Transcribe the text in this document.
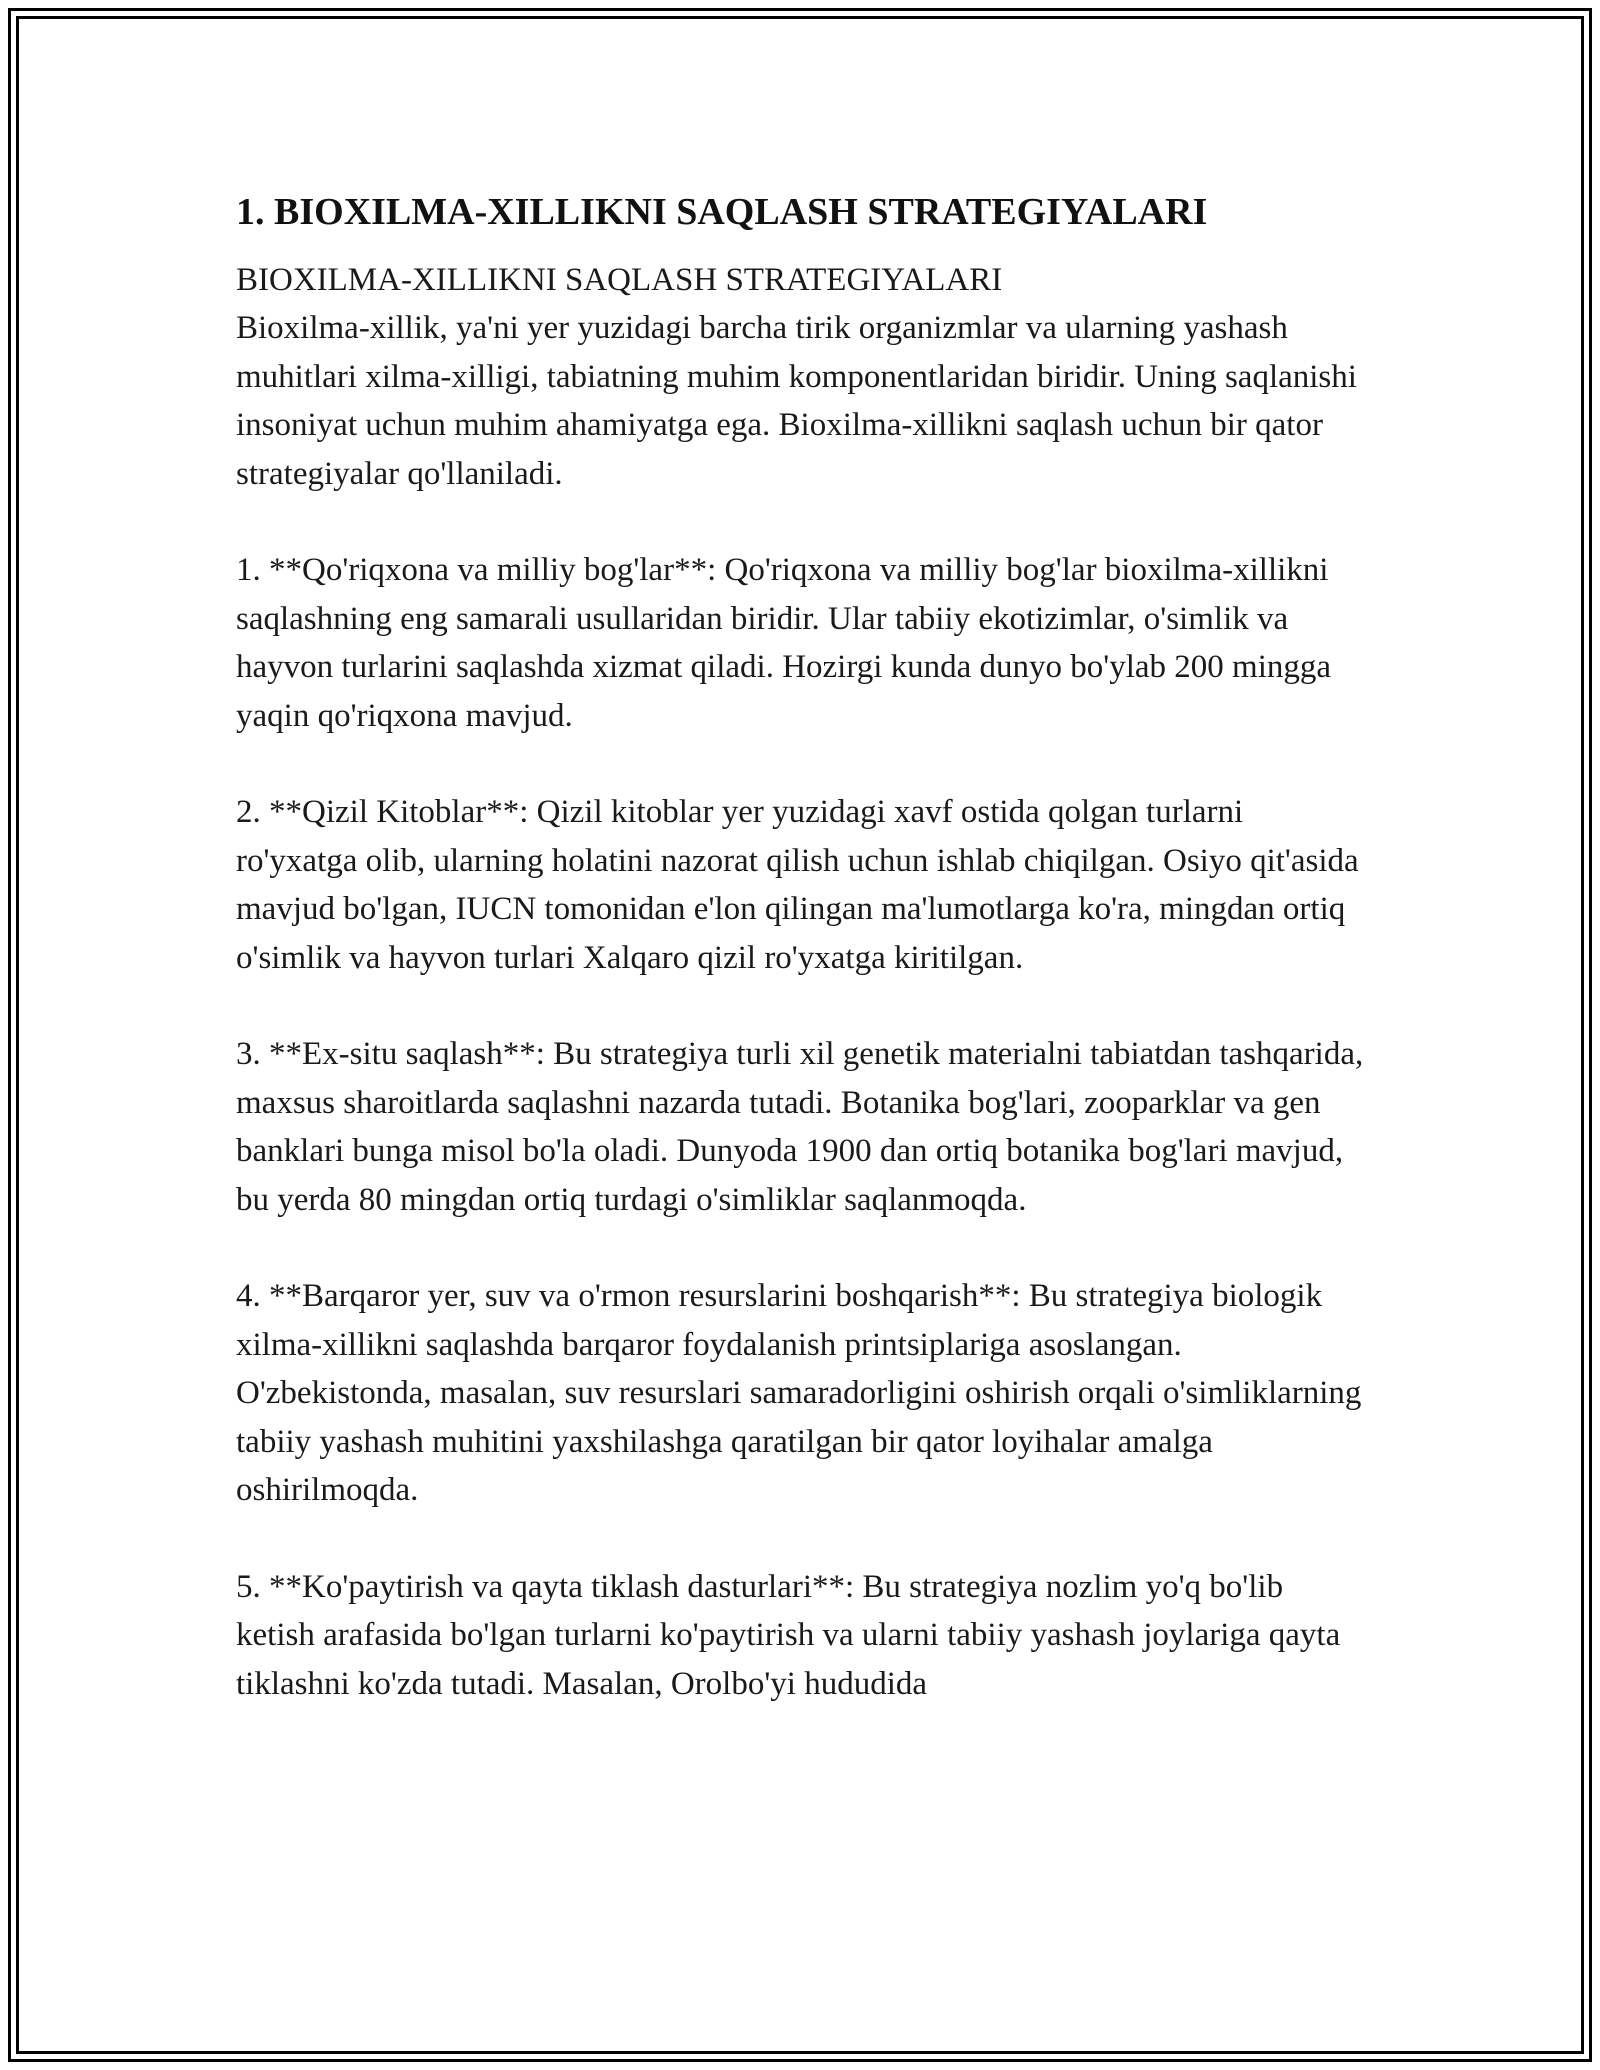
1. BIOXILMA-XILLIKNI SAQLASH STRATEGIYALARI

BIOXILMA-XILLIKNI SAQLASH STRATEGIYALARI

Bioxilma-xillik, ya'ni yer yuzidagi barcha tirik organizmlar va ularning yashash muhitlari xilma-xilligi, tabiatning muhim komponentlaridan biridir. Uning saqlanishi insoniyat uchun muhim ahamiyatga ega. Bioxilma-xillikni saqlash uchun bir qator strategiyalar qo'llaniladi.

1. **Qo'riqxona va milliy bog'lar**: Qo'riqxona va milliy bog'lar bioxilma-xillikni saqlashning eng samarali usullaridan biridir. Ular tabiiy ekotizimlar, o'simlik va hayvon turlarini saqlashda xizmat qiladi. Hozirgi kunda dunyo bo'ylab 200 mingga yaqin qo'riqxona mavjud.

2. **Qizil Kitoblar**: Qizil kitoblar yer yuzidagi xavf ostida qolgan turlarni ro'yxatga olib, ularning holatini nazorat qilish uchun ishlab chiqilgan. Osiyo qit'asida mavjud bo'lgan, IUCN tomonidan e'lon qilingan ma'lumotlarga ko'ra, mingdan ortiq o'simlik va hayvon turlari Xalqaro qizil ro'yxatga kiritilgan.

3. **Ex-situ saqlash**: Bu strategiya turli xil genetik materialni tabiatdan tashqarida, maxsus sharoitlarda saqlashni nazarda tutadi. Botanika bog'lari, zooparklar va gen banklari bunga misol bo'la oladi. Dunyoda 1900 dan ortiq botanika bog'lari mavjud, bu yerda 80 mingdan ortiq turdagi o'simliklar saqlanmoqda.

4. **Barqaror yer, suv va o'rmon resurslarini boshqarish**: Bu strategiya biologik xilma-xillikni saqlashda barqaror foydalanish printsiplariga asoslangan. O'zbekistonda, masalan, suv resurslari samaradorligini oshirish orqali o'simliklarning tabiiy yashash muhitini yaxshilashga qaratilgan bir qator loyihalar amalga oshirilmoqda.

5. **Ko'paytirish va qayta tiklash dasturlari**: Bu strategiya nozlim yo'q bo'lib ketish arafasida bo'lgan turlarni ko'paytirish va ularni tabiiy yashash joylariga qayta tiklashni ko'zda tutadi. Masalan, Orolbo'yi hududida
